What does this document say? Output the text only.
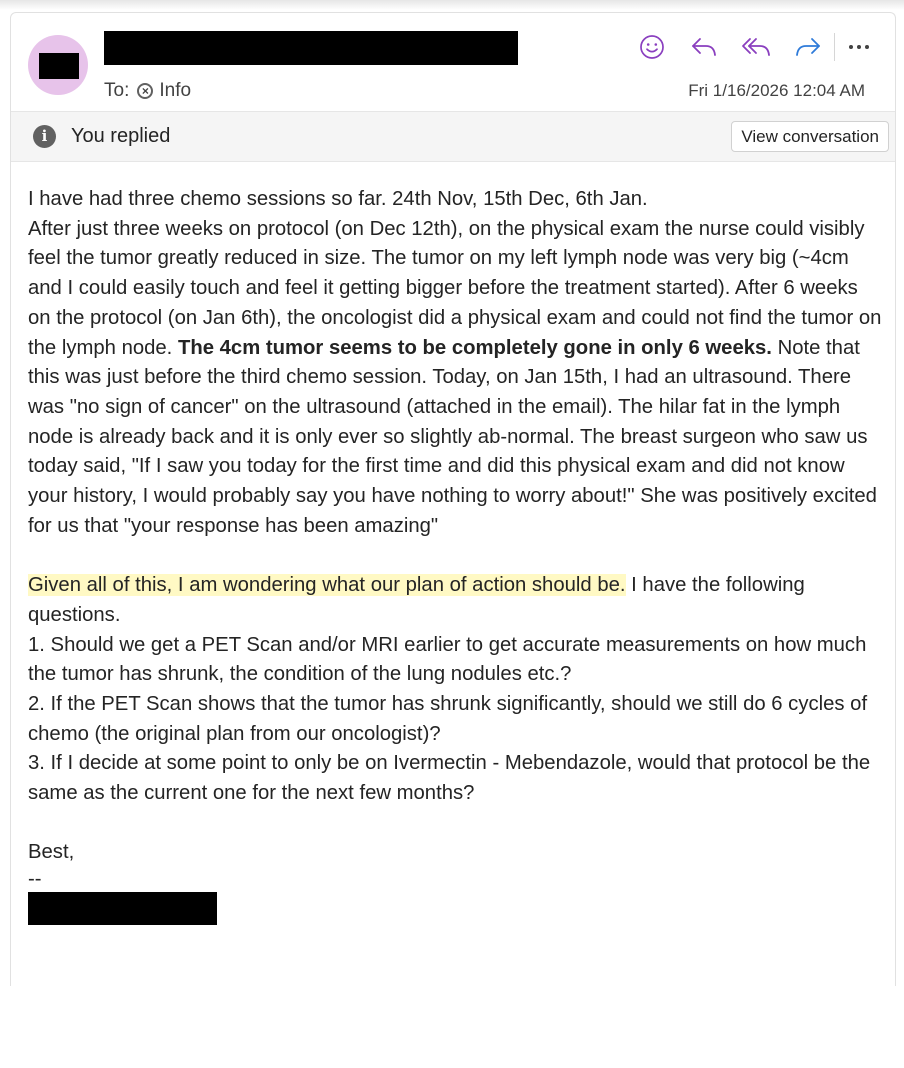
To:	× Info	Fri 1/16/2026 12:04 AM
i	You replied	View conversation

I have had three chemo sessions so far. 24th Nov, 15th Dec, 6th Jan.

After just three weeks on protocol (on Dec 12th), on the physical exam the nurse could visibly feel the tumor greatly reduced in size. The tumor on my left lymph node was very big (~4cm and I could easily touch and feel it getting bigger before the treatment started). After 6 weeks on the protocol (on Jan 6th), the oncologist did a physical exam and could not find the tumor on the lymph node. The 4cm tumor seems to be completely gone in only 6 weeks. Note that this was just before the third chemo session. Today, on Jan 15th, I had an ultrasound. There was "no sign of cancer" on the ultrasound (attached in the email). The hilar fat in the lymph node is already back and it is only ever so slightly ab-normal. The breast surgeon who saw us today said, "If I saw you today for the first time and did this physical exam and did not know your history, I would probably say you have nothing to worry about!" She was positively excited for us that "your response has been amazing"

Given all of this, I am wondering what our plan of action should be. I have the following questions.

1. Should we get a PET Scan and/or MRI earlier to get accurate measurements on how much the tumor has shrunk, the condition of the lung nodules etc.?

2. If the PET Scan shows that the tumor has shrunk significantly, should we still do 6 cycles of chemo (the original plan from our oncologist)?

3. If I decide at some point to only be on Ivermectin - Mebendazole, would that protocol be the same as the current one for the next few months?

Best,

--
